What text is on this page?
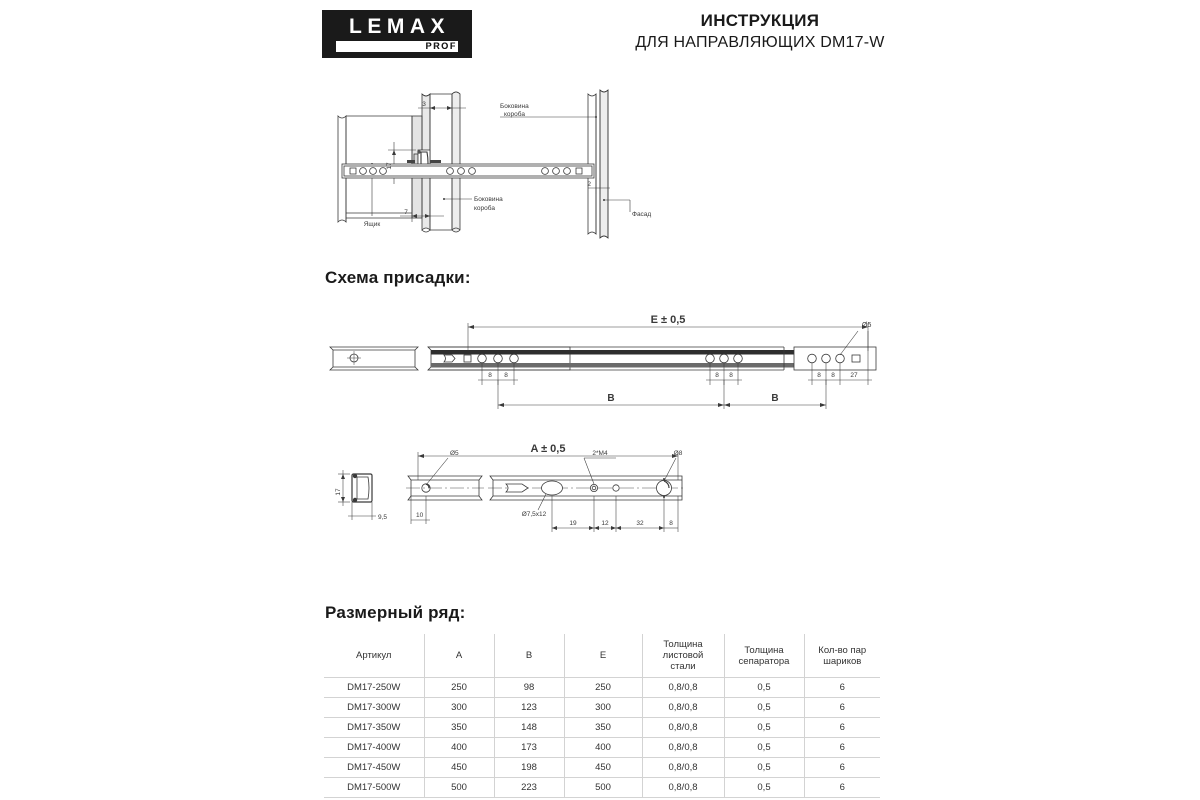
LEMAX
PROF
ИНСТРУКЦИЯ
ДЛЯ НАПРАВЛЯЮЩИХ DM17-W
3
17
7
Ящик
Боковина
короба
Боковина
короба
2
Фасад
E ± 0,5	Ø5
8 8	8 8	8 8 27
B	B
17
9,5
A ± 0,5
Ø5	2*M4	Ø8
Ø7,5x12
10
19	12	32	8
Схема присадки:
Размерный ряд:
Артикул	А	В	Е	Толщина
листовой
стали	Толщина
сепаратора	Кол-во пар
шариков
DM17-250W	250	98	250	0,8/0,8	0,5	6
DM17-300W	300	123	300	0,8/0,8	0,5	6
DM17-350W	350	148	350	0,8/0,8	0,5	6
DM17-400W	400	173	400	0,8/0,8	0,5	6
DM17-450W	450	198	450	0,8/0,8	0,5	6
DM17-500W	500	223	500	0,8/0,8	0,5	6
